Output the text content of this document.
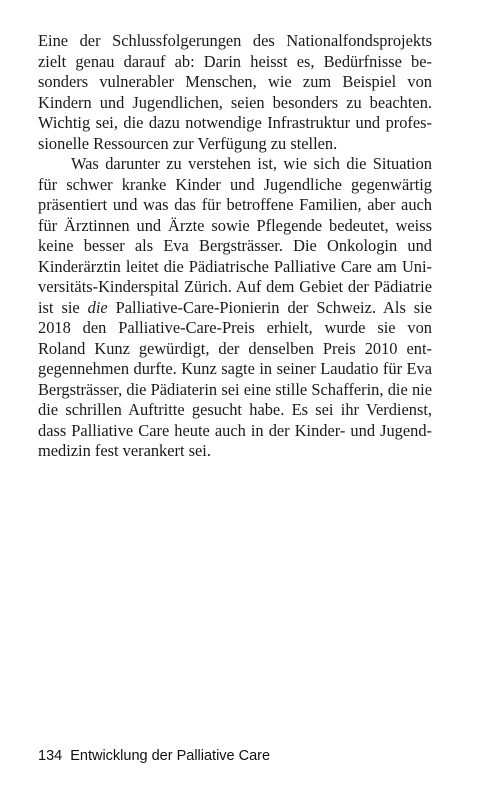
Eine der Schlussfolgerungen des Nationalfondsprojekts zielt genau darauf ab: Darin heisst es, Bedürfnisse besonders vulnerabler Menschen, wie zum Beispiel von Kindern und Jugendlichen, seien besonders zu beachten. Wichtig sei, die dazu notwendige Infrastruktur und professionelle Ressourcen zur Verfügung zu stellen.

Was darunter zu verstehen ist, wie sich die Situation für schwer kranke Kinder und Jugendliche gegenwärtig präsentiert und was das für betroffene Familien, aber auch für Ärztinnen und Ärzte sowie Pflegende bedeutet, weiss keine besser als Eva Bergsträsser. Die Onkologin und Kinderärztin leitet die Pädiatrische Palliative Care am Universitäts-Kinderspital Zürich. Auf dem Gebiet der Pädiatrie ist sie die Palliative-Care-Pionierin der Schweiz. Als sie 2018 den Palliative-Care-Preis erhielt, wurde sie von Roland Kunz gewürdigt, der denselben Preis 2010 entgegennehmen durfte. Kunz sagte in seiner Laudatio für Eva Bergsträsser, die Pädiaterin sei eine stille Schafferin, die nie die schrillen Auftritte gesucht habe. Es sei ihr Verdienst, dass Palliative Care heute auch in der Kinder- und Jugendmedizin fest verankert sei.

134 Entwicklung der Palliative Care
